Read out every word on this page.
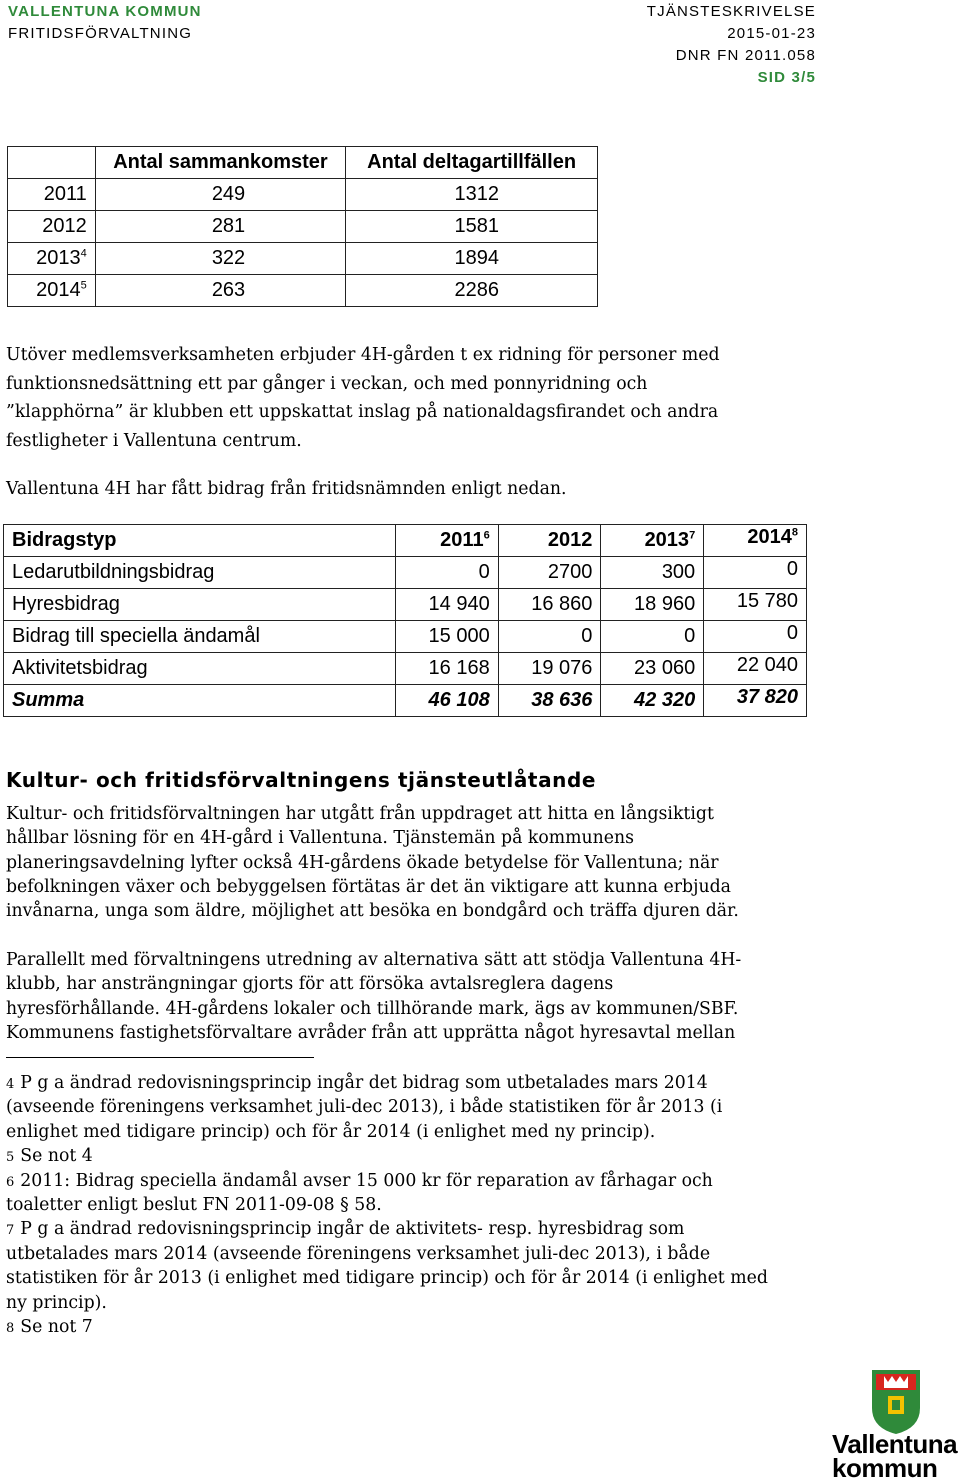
VALLENTUNA KOMMUN
FRITIDSFÖRVALTNING
TJÄNSTESKRIVELSE
2015-01-23
DNR FN 2011.058
SID 3/5
	Antal sammankomster	Antal deltagartillfällen
2011	249	1312
2012	281	1581
2013$^4$	322	1894
2014$^5$	263	2286
Utöver medlemsverksamheten erbjuder 4H-gården t ex ridning för personer med
funktionsnedsättning ett par gånger i veckan, och med ponnyridning och
”klapphörna” är klubben ett uppskattat inslag på nationaldagsfirandet och andra
festligheter i Vallentuna centrum.
Vallentuna 4H har fått bidrag från fritidsnämnden enligt nedan.
Bidragstyp	2011$^6$	2012	2013$^7$	2014$^8$
Ledarutbildningsbidrag	0	2700	300	0
Hyresbidrag	14 940	16 860	18 960	15 780
Bidrag till speciella ändamål	15 000	0	0	0
Aktivitetsbidrag	16 168	19 076	23 060	22 040
Summa	46 108	38 636	42 320	37 820
Kultur- och fritidsförvaltningens tjänsteutlåtande
Kultur- och fritidsförvaltningen har utgått från uppdraget att hitta en långsiktigt
hållbar lösning för en 4H-gård i Vallentuna. Tjänstemän på kommunens
planeringsavdelning lyfter också 4H-gårdens ökade betydelse för Vallentuna; när
befolkningen växer och bebyggelsen förtätas är det än viktigare att kunna erbjuda
invånarna, unga som äldre, möjlighet att besöka en bondgård och träffa djuren där.
Parallellt med förvaltningens utredning av alternativa sätt att stödja Vallentuna 4H-
klubb, har ansträngningar gjorts för att försöka avtalsreglera dagens
hyresförhållande. 4H-gårdens lokaler och tillhörande mark, ägs av kommunen/SBF.
Kommunens fastighetsförvaltare avråder från att upprätta något hyresavtal mellan
$^4$ P g a ändrad redovisningsprincip ingår det bidrag som utbetalades mars 2014
(avseende föreningens verksamhet juli-dec 2013), i både statistiken för år 2013 (i
enlighet med tidigare princip) och för år 2014 (i enlighet med ny princip).
$^5$ Se not 4
$^6$ 2011: Bidrag speciella ändamål avser 15 000 kr för reparation av fårhagar och
toaletter enligt beslut FN 2011-09-08 § 58.
$^7$ P g a ändrad redovisningsprincip ingår de aktivitets- resp. hyresbidrag som
utbetalades mars 2014 (avseende föreningens verksamhet juli-dec 2013), i både
statistiken för år 2013 (i enlighet med tidigare princip) och för år 2014 (i enlighet med
ny princip).
$^8$ Se not 7
Vallentuna
kommun
